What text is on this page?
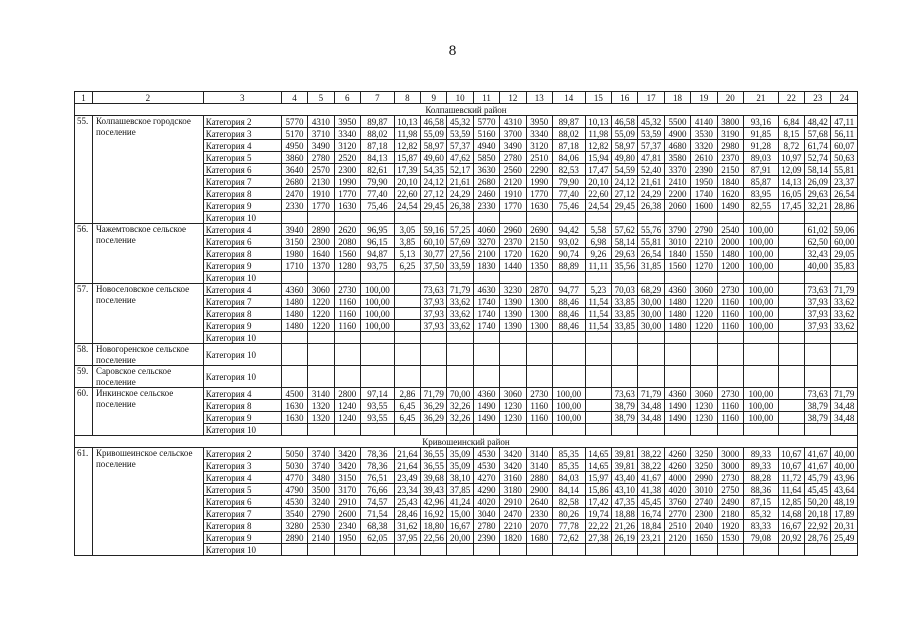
8
1	2	3	4	5	6	7	8	9	10	11	12	13	14	15	16	17	18	19	20	21	22	23	24
Колпашевский район																							
55.	Колпашевское городское поселение	Категория 2	5770	4310	3950	89,87	10,13	46,58	45,32	5770	4310	3950	89,87	10,13	46,58	45,32	5500	4140	3800	93,16	6,84	48,42	47,11
		Категория 3	5170	3710	3340	88,02	11,98	55,09	53,59	5160	3700	3340	88,02	11,98	55,09	53,59	4900	3530	3190	91,85	8,15	57,68	56,11
		Категория 4	4950	3490	3120	87,18	12,82	58,97	57,37	4940	3490	3120	87,18	12,82	58,97	57,37	4680	3320	2980	91,28	8,72	61,74	60,07
		Категория 5	3860	2780	2520	84,13	15,87	49,60	47,62	5850	2780	2510	84,06	15,94	49,80	47,81	3580	2610	2370	89,03	10,97	52,74	50,63
		Категория 6	3640	2570	2300	82,61	17,39	54,35	52,17	3630	2560	2290	82,53	17,47	54,59	52,40	3370	2390	2150	87,91	12,09	58,14	55,81
		Категория 7	2680	2130	1990	79,90	20,10	24,12	21,61	2680	2120	1990	79,90	20,10	24,12	21,61	2410	1950	1840	85,87	14,13	26,09	23,37
		Категория 8	2470	1910	1770	77,40	22,60	27,12	24,29	2460	1910	1770	77,40	22,60	27,12	24,29	2200	1740	1620	83,95	16,05	29,63	26,54
		Категория 9	2330	1770	1630	75,46	24,54	29,45	26,38	2330	1770	1630	75,46	24,54	29,45	26,38	2060	1600	1490	82,55	17,45	32,21	28,86
		Категория 10																					
56.	Чажемтовское сельское поселение	Категория 4	3940	2890	2620	96,95	3,05	59,16	57,25	4060	2960	2690	94,42	5,58	57,62	55,76	3790	2790	2540	100,00		61,02	59,06
		Категория 6	3150	2300	2080	96,15	3,85	60,10	57,69	3270	2370	2150	93,02	6,98	58,14	55,81	3010	2210	2000	100,00		62,50	60,00
		Категория 8	1980	1640	1560	94,87	5,13	30,77	27,56	2100	1720	1620	90,74	9,26	29,63	26,54	1840	1550	1480	100,00		32,43	29,05
		Категория 9	1710	1370	1280	93,75	6,25	37,50	33,59	1830	1440	1350	88,89	11,11	35,56	31,85	1560	1270	1200	100,00		40,00	35,83
		Категория 10																					
57.	Новоселовское сельское поселение	Категория 4	4360	3060	2730	100,00		73,63	71,79	4630	3230	2870	94,77	5,23	70,03	68,29	4360	3060	2730	100,00		73,63	71,79
		Категория 7	1480	1220	1160	100,00		37,93	33,62	1740	1390	1300	88,46	11,54	33,85	30,00	1480	1220	1160	100,00		37,93	33,62
		Категория 8	1480	1220	1160	100,00		37,93	33,62	1740	1390	1300	88,46	11,54	33,85	30,00	1480	1220	1160	100,00		37,93	33,62
		Категория 9	1480	1220	1160	100,00		37,93	33,62	1740	1390	1300	88,46	11,54	33,85	30,00	1480	1220	1160	100,00		37,93	33,62
		Категория 10																					
58.	Новогоренское сельское поселение	Категория 10																					
59.	Саровское сельское поселение	Категория 10																					
60.	Инкинское сельское поселение	Категория 4	4500	3140	2800	97,14	2,86	71,79	70,00	4360	3060	2730	100,00		73,63	71,79	4360	3060	2730	100,00		73,63	71,79
		Категория 8	1630	1320	1240	93,55	6,45	36,29	32,26	1490	1230	1160	100,00		38,79	34,48	1490	1230	1160	100,00		38,79	34,48
		Категория 9	1630	1320	1240	93,55	6,45	36,29	32,26	1490	1230	1160	100,00		38,79	34,48	1490	1230	1160	100,00		38,79	34,48
		Категория 10																					
Кривошеинский район																							
61.	Кривошеинское сельское поселение	Категория 2	5050	3740	3420	78,36	21,64	36,55	35,09	4530	3420	3140	85,35	14,65	39,81	38,22	4260	3250	3000	89,33	10,67	41,67	40,00
		Категория 3	5030	3740	3420	78,36	21,64	36,55	35,09	4530	3420	3140	85,35	14,65	39,81	38,22	4260	3250	3000	89,33	10,67	41,67	40,00
		Категория 4	4770	3480	3150	76,51	23,49	39,68	38,10	4270	3160	2880	84,03	15,97	43,40	41,67	4000	2990	2730	88,28	11,72	45,79	43,96
		Категория 5	4790	3500	3170	76,66	23,34	39,43	37,85	4290	3180	2900	84,14	15,86	43,10	41,38	4020	3010	2750	88,36	11,64	45,45	43,64
		Категория 6	4530	3240	2910	74,57	25,43	42,96	41,24	4020	2910	2640	82,58	17,42	47,35	45,45	3760	2740	2490	87,15	12,85	50,20	48,19
		Категория 7	3540	2790	2600	71,54	28,46	16,92	15,00	3040	2470	2330	80,26	19,74	18,88	16,74	2770	2300	2180	85,32	14,68	20,18	17,89
		Категория 8	3280	2530	2340	68,38	31,62	18,80	16,67	2780	2210	2070	77,78	22,22	21,26	18,84	2510	2040	1920	83,33	16,67	22,92	20,31
		Категория 9	2890	2140	1950	62,05	37,95	22,56	20,00	2390	1820	1680	72,62	27,38	26,19	23,21	2120	1650	1530	79,08	20,92	28,76	25,49
		Категория 10																					
